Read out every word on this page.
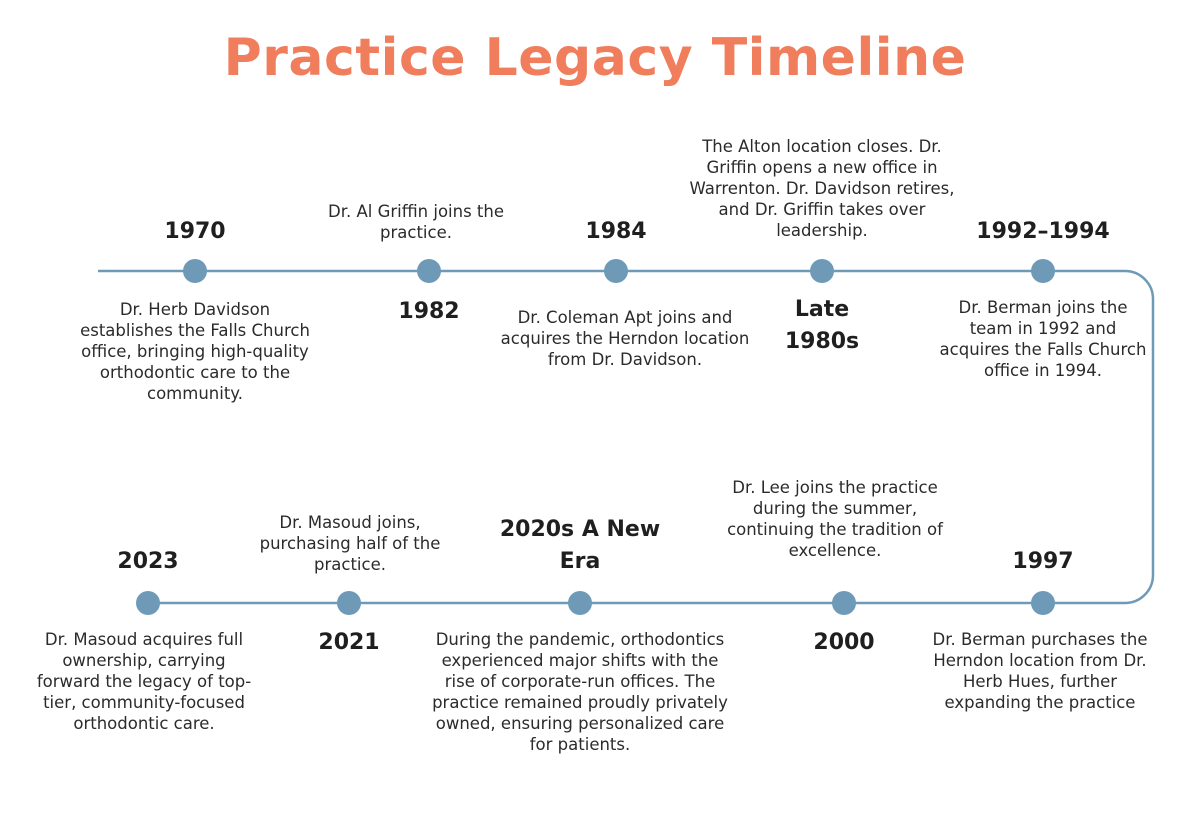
Practice Legacy Timeline
1970
Dr. Herb Davidson establishes the Falls Church office, bringing high-quality orthodontic care to the community.
Dr. Al Griffin joins the practice.
1982
1984
Dr. Coleman Apt joins and acquires the Herndon location from Dr. Davidson.
The Alton location closes. Dr. Griffin opens a new office in Warrenton. Dr. Davidson retires, and Dr. Griffin takes over leadership.
Late 1980s
1992–1994
Dr. Berman joins the team in 1992 and acquires the Falls Church office in 1994.
1997
Dr. Berman purchases the Herndon location from Dr. Herb Hues, further expanding the practice
Dr. Lee joins the practice during the summer, continuing the tradition of excellence.
2000
2020s A New Era
During the pandemic, orthodontics experienced major shifts with the rise of corporate-run offices. The practice remained proudly privately owned, ensuring personalized care for patients.
Dr. Masoud joins, purchasing half of the practice.
2021
2023
Dr. Masoud acquires full ownership, carrying forward the legacy of top-tier, community-focused orthodontic care.
